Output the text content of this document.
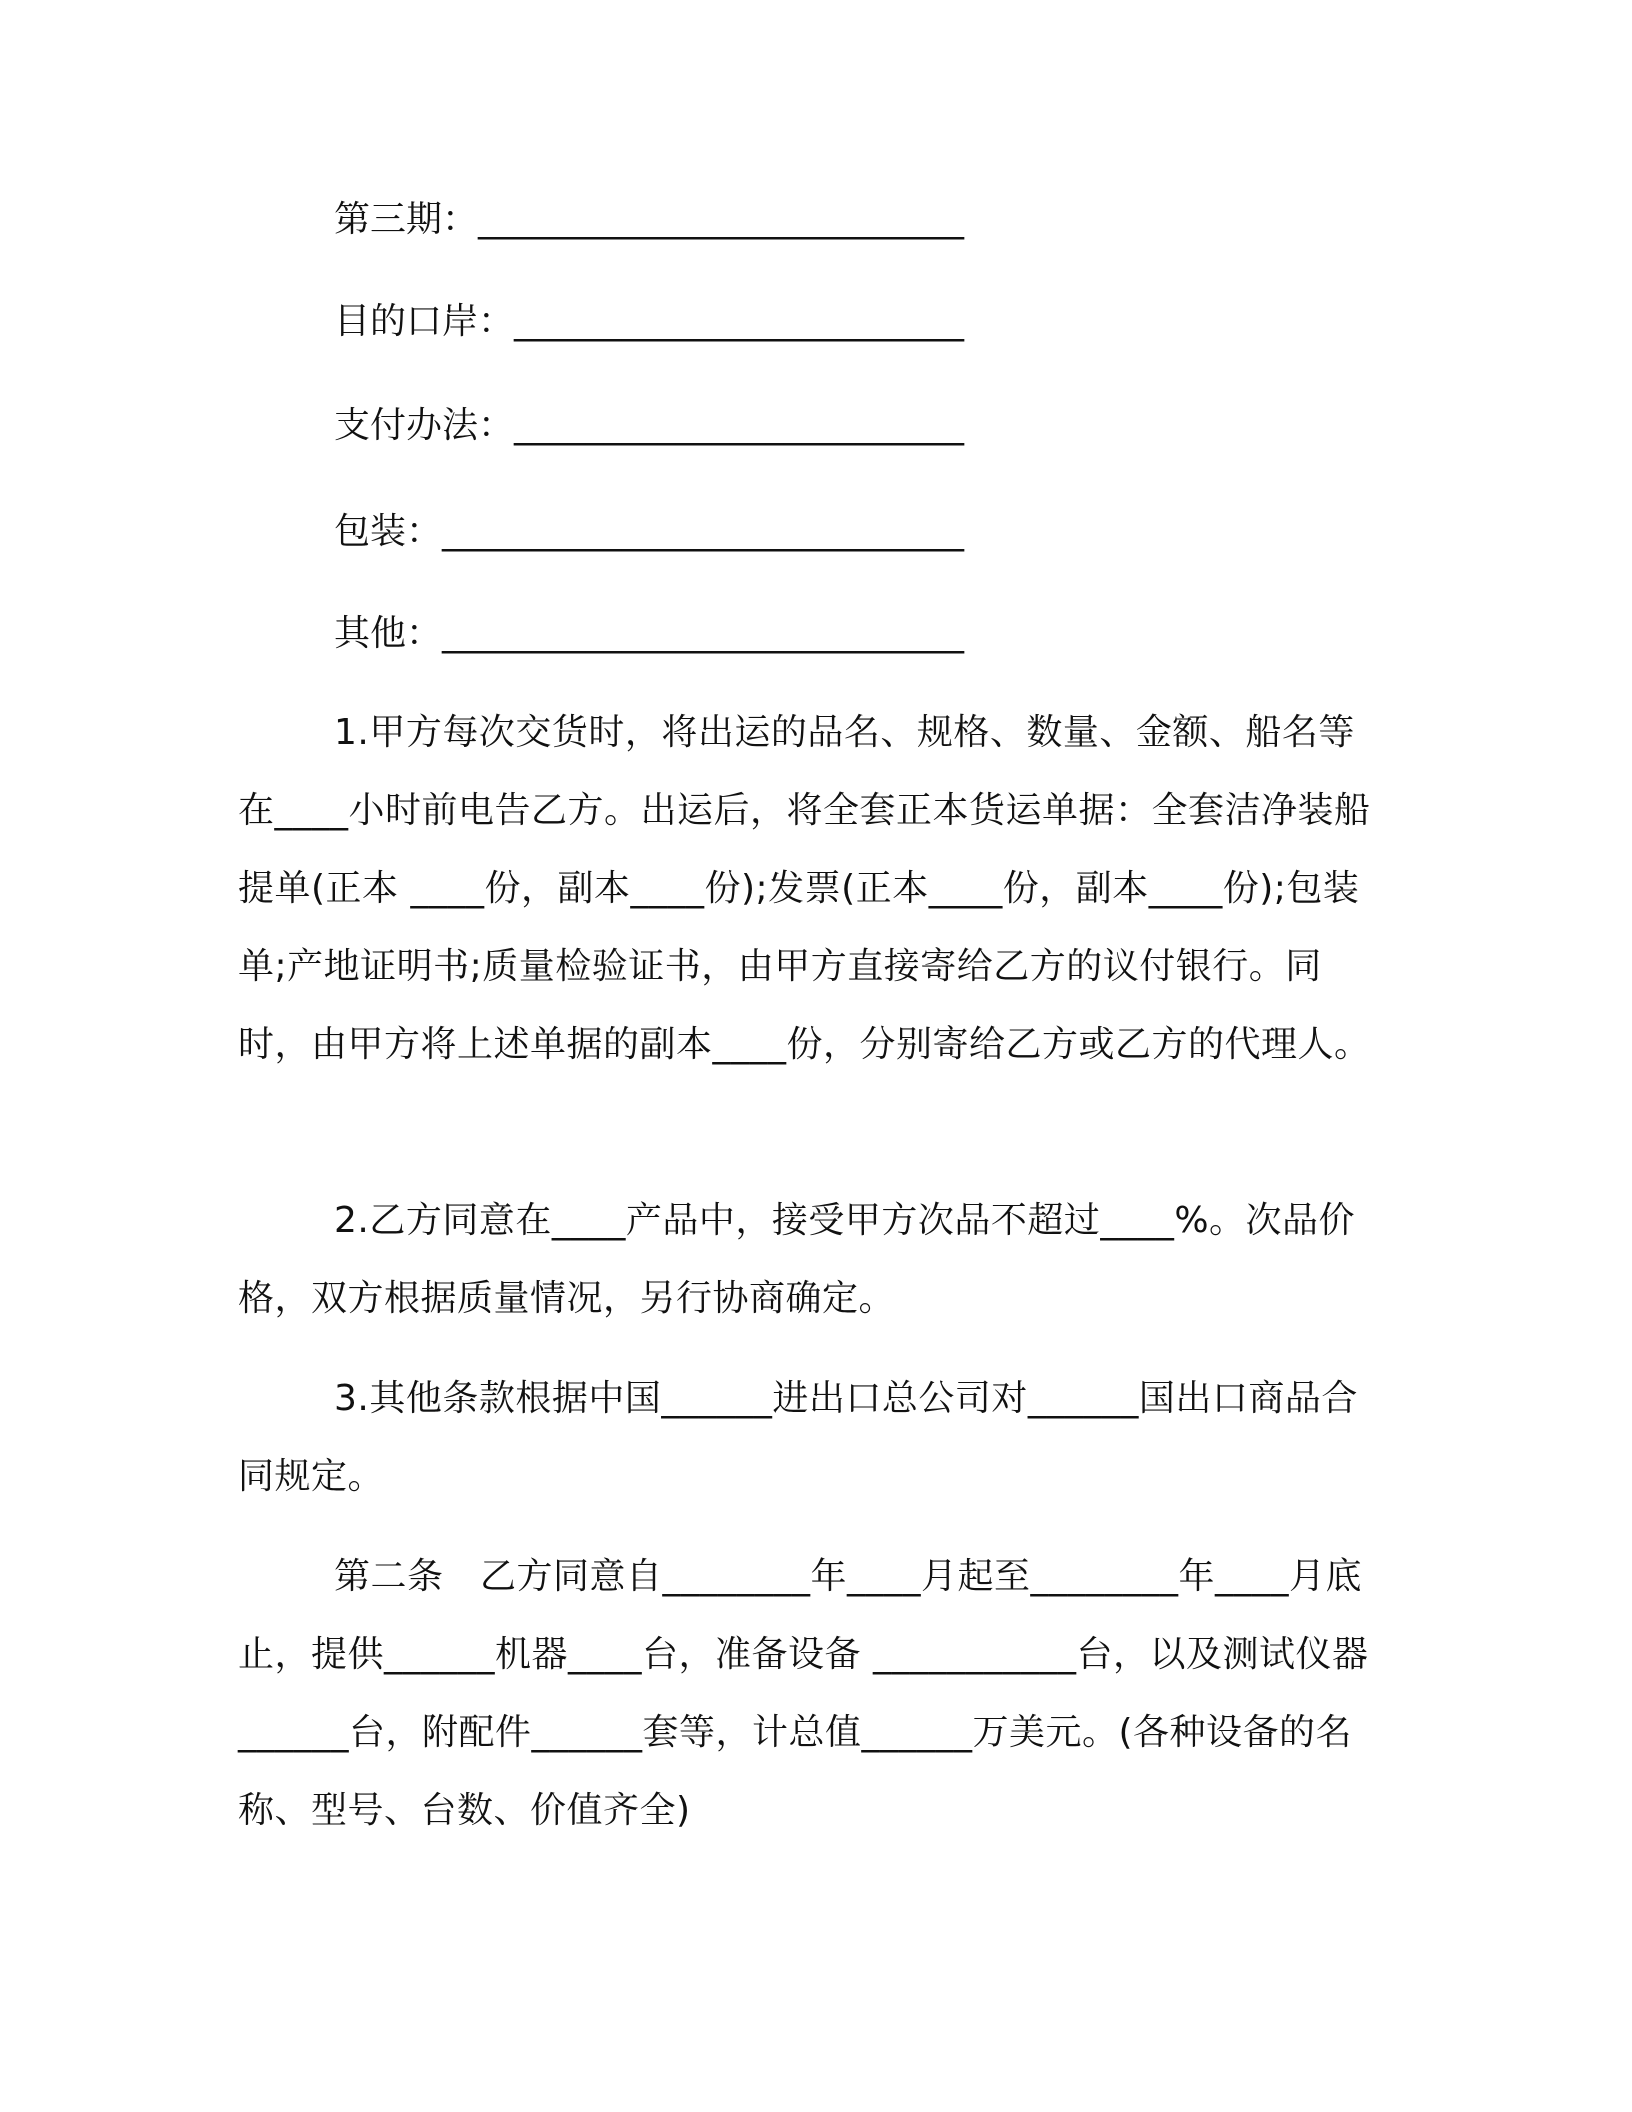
第三期：___________________________
目的口岸：_________________________
支付办法：_________________________
包装：_____________________________
其他：_____________________________

1.甲方每次交货时，将出运的品名、规格、数量、金额、船名等在____小时前电告乙方。出运后，将全套正本货运单据：全套洁净装船提单(正本 ____份，副本____份);发票(正本____份，副本____份);包装单;产地证明书;质量检验证书，由甲方直接寄给乙方的议付银行。同时，由甲方将上述单据的副本____份，分别寄给乙方或乙方的代理人。

2.乙方同意在____产品中，接受甲方次品不超过____%。次品价格，双方根据质量情况，另行协商确定。

3.其他条款根据中国______进出口总公司对______国出口商品合同规定。

第二条　乙方同意自________年____月起至________年____月底止，提供______机器____台，准备设备 ___________台，以及测试仪器______台，附配件______套等，计总值______万美元。(各种设备的名称、型号、台数、价值齐全)
